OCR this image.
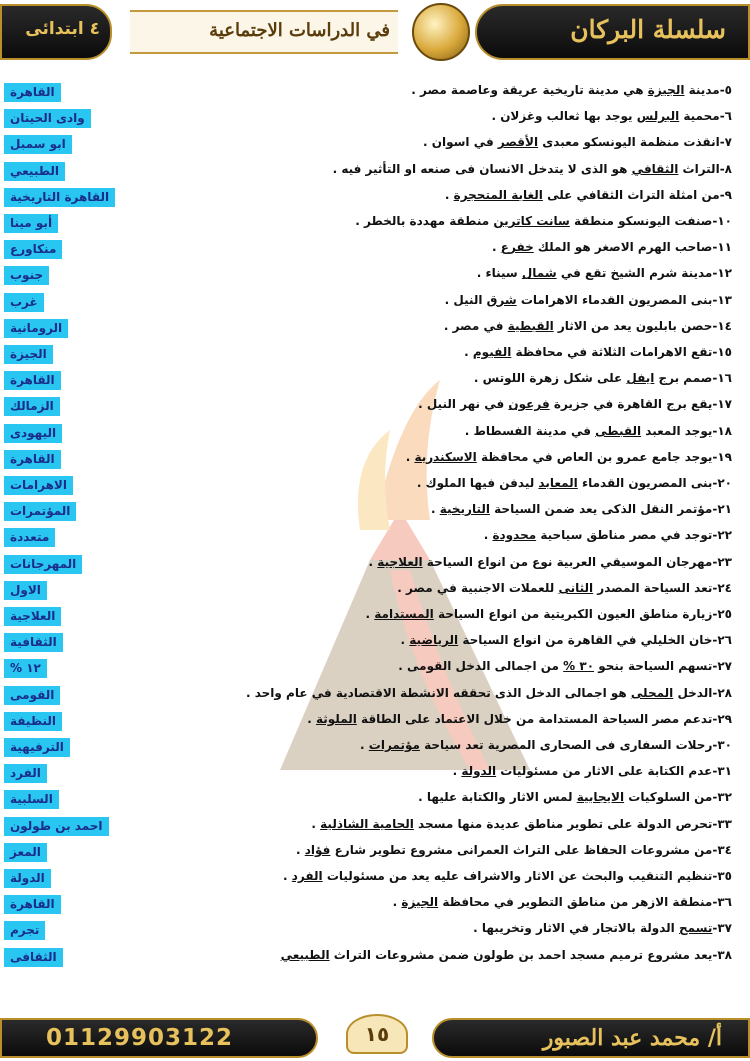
سلسلة البركان
في الدراسات الاجتماعية
٤ ابتدائى
٥-مدينة الجيزة هي مدينة تاريخية عريقة وعاصمة مصر .
القاهرة
٦-محمية البرلس يوجد بها ثعالب وغزلان .
وادى الحيتان
٧-انقذت منظمة اليونسكو معبدى الأقصر في اسوان .
ابو سمبل
٨-التراث الثقافي هو الذى لا يتدخل الانسان فى صنعه او التأثير فيه .
الطبيعي
٩-من امثلة التراث الثقافي على الغابة المتحجرة .
القاهرة التاريخية
١٠-صنفت اليونسكو منطقة سانت كاترين منطقة مهددة بالخطر .
أبو مينا
١١-صاحب الهرم الاصغر هو الملك خفرع .
منكاورع
١٢-مدينة شرم الشيخ تقع في شمال سيناء .
جنوب
١٣-بنى المصريون القدماء الاهرامات شرق النيل .
غرب
١٤-حصن بابليون يعد من الاثار القبطية في مصر .
الرومانية
١٥-تقع الاهرامات الثلاثة في محافظة الفيوم .
الجيزة
١٦-صمم برج ايفل على شكل زهرة اللوتس .
القاهرة
١٧-يقع برج القاهرة في جزيرة فرعون في نهر النيل .
الزمالك
١٨-يوجد المعبد القبطى في مدينة الفسطاط .
اليهودى
١٩-يوجد جامع عمرو بن العاص في محافظة الاسكندرية .
القاهرة
٢٠-بنى المصريون القدماء المعابد ليدفن فيها الملوك .
الاهرامات
٢١-مؤتمر النقل الذكى يعد ضمن السياحة التاريخية .
المؤتمرات
٢٢-توجد في مصر مناطق سياحية محدودة .
متعددة
٢٣-مهرجان الموسيقي العربية نوع من انواع السياحة العلاجية .
المهرجانات
٢٤-تعد السياحة المصدر الثانى للعملات الاجنبية في مصر .
الاول
٢٥-زيارة مناطق العيون الكبريتية من انواع السياحة المستدامة .
العلاجية
٢٦-خان الخليلي في القاهرة من انواع السياحة الرياضية .
الثقافية
٢٧-تسهم السياحة بنحو ٣٠ % من اجمالى الدخل القومى .
١٢ %
٢٨-الدخل المحلى هو اجمالى الدخل الذى تحققه الانشطة الاقتصادية في عام واحد .
القومى
٢٩-تدعم مصر السياحة المستدامة من خلال الاعتماد على الطاقة الملوثة .
النظيفة
٣٠-رحلات السفارى فى الصحارى المصرية تعد سياحة مؤتمرات .
الترفيهية
٣١-عدم الكتابة على الاثار من مسئوليات الدولة .
الفرد
٣٢-من السلوكيات الايجابية لمس الاثار والكتابة عليها .
السلبية
٣٣-تحرص الدولة على تطوير مناطق عديدة منها مسجد الحامية الشاذلية .
احمد بن طولون
٣٤-من مشروعات الحفاظ على التراث العمرانى مشروع تطوير شارع فؤاد .
المعز
٣٥-تنظيم التنقيب والبحث عن الاثار والاشراف عليه يعد من مسئوليات الفرد .
الدولة
٣٦-منطقة الازهر من مناطق التطوير في محافظة الجيزة .
القاهرة
٣٧-تسمح الدولة بالاتجار في الاثار وتخريبها .
تجرم
٣٨-يعد مشروع ترميم مسجد احمد بن طولون ضمن مشروعات التراث الطبيعي
الثقافى
01129903122	١٥	أ/ محمد عبد الصبور
